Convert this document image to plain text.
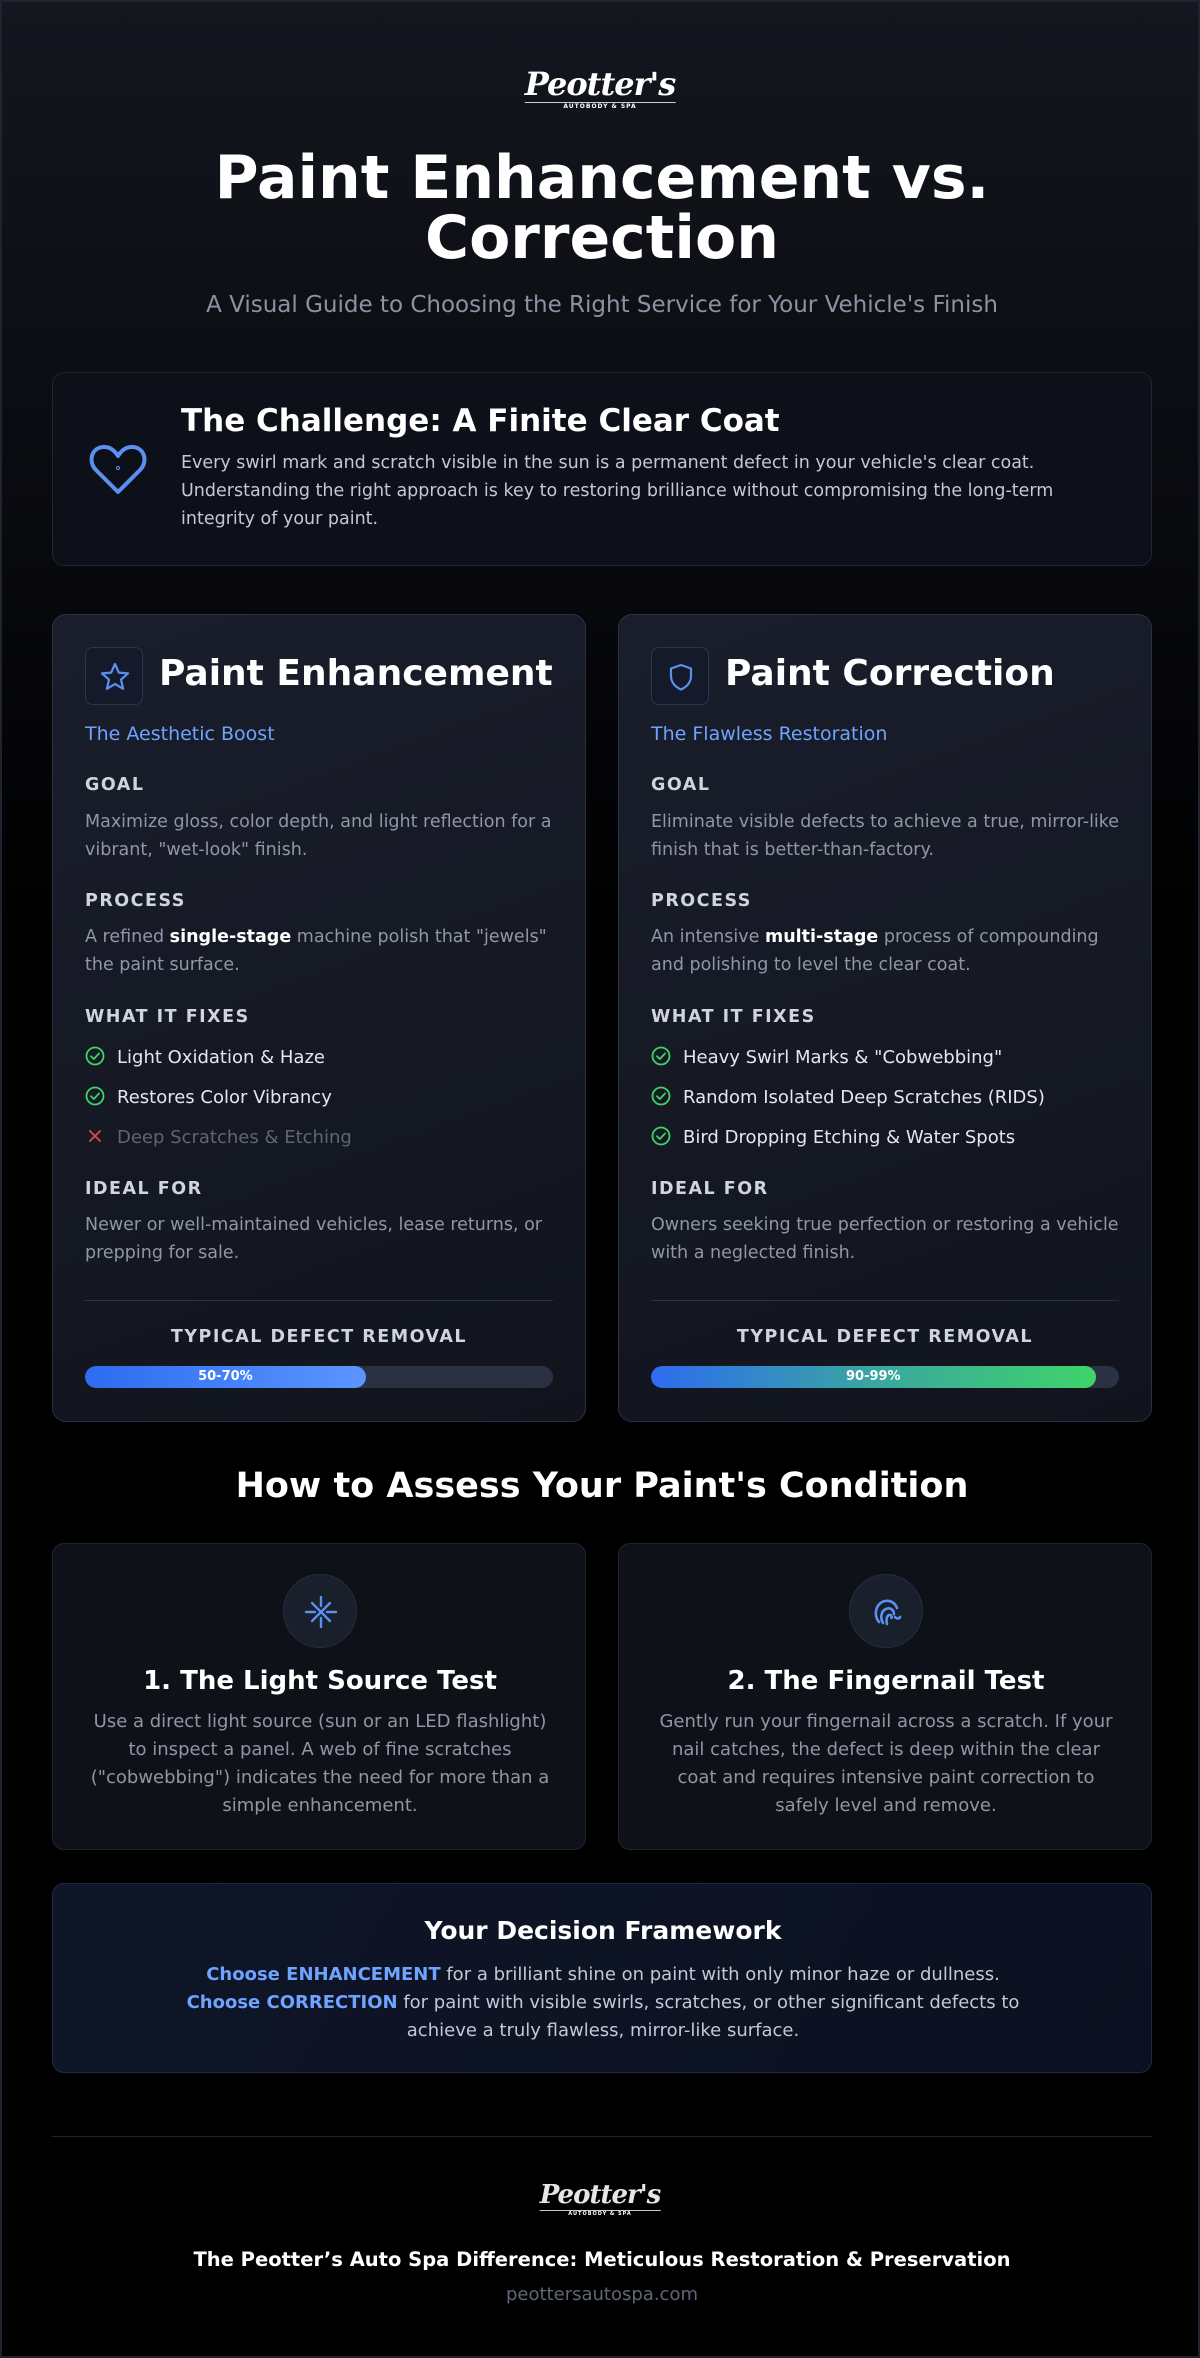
Peotter's
AUTOBODY & SPA
Paint Enhancement vs. Correction
A Visual Guide to Choosing the Right Service for Your Vehicle's Finish
The Challenge: A Finite Clear Coat

Every swirl mark and scratch visible in the sun is a permanent defect in your vehicle's clear coat. Understanding the right approach is key to restoring brilliance without compromising the long-term integrity of your paint.

Paint Enhancement
The Aesthetic Boost
GOAL
Maximize gloss, color depth, and light reflection for a vibrant, "wet-look" finish.
PROCESS
A refined single-stage machine polish that "jewels" the paint surface.
WHAT IT FIXES
Light Oxidation & Haze
Restores Color Vibrancy
Deep Scratches & Etching
IDEAL FOR
Newer or well-maintained vehicles, lease returns, or prepping for sale.
TYPICAL DEFECT REMOVAL
50-70%
Paint Correction
The Flawless Restoration
GOAL
Eliminate visible defects to achieve a true, mirror-like finish that is better-than-factory.
PROCESS
An intensive multi-stage process of compounding and polishing to level the clear coat.
WHAT IT FIXES
Heavy Swirl Marks & "Cobwebbing"
Random Isolated Deep Scratches (RIDS)
Bird Dropping Etching & Water Spots
IDEAL FOR
Owners seeking true perfection or restoring a vehicle with a neglected finish.
TYPICAL DEFECT REMOVAL
90-99%
How to Assess Your Paint's Condition
1. The Light Source Test

Use a direct light source (sun or an LED flashlight) to inspect a panel. A web of fine scratches ("cobwebbing") indicates the need for more than a simple enhancement.

2. The Fingernail Test

Gently run your fingernail across a scratch. If your nail catches, the defect is deep within the clear coat and requires intensive paint correction to safely level and remove.

Your Decision Framework
Choose ENHANCEMENT for a brilliant shine on paint with only minor haze or dullness.
Choose CORRECTION for paint with visible swirls, scratches, or other significant defects to achieve a truly flawless, mirror-like surface.
Peotter's
AUTOBODY & SPA
The Peotter’s Auto Spa Difference: Meticulous Restoration & Preservation
peottersautospa.com
